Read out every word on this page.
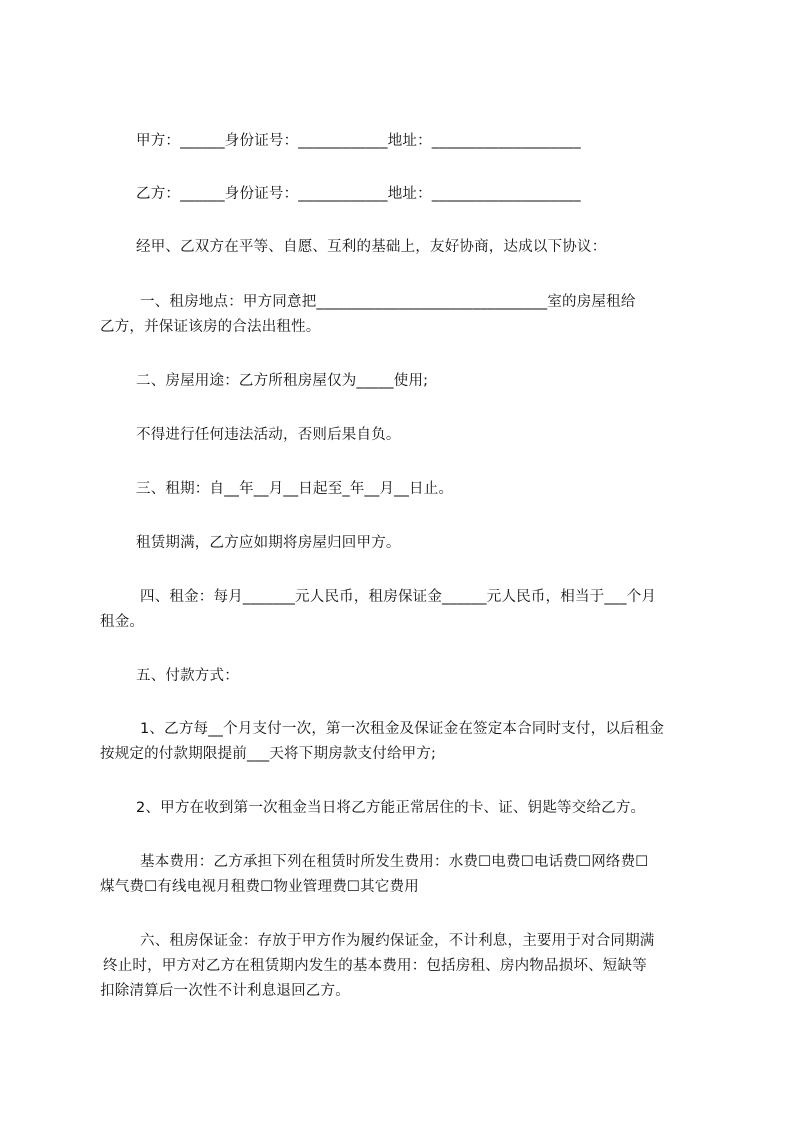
甲方：______身份证号：____________地址：____________________
乙方：______身份证号：____________地址：____________________
经甲、乙双方在平等、自愿、互利的基础上，友好协商，达成以下协议：
一、租房地点：甲方同意把_______________________________室的房屋租给
乙方，并保证该房的合法出租性。
二、房屋用途：乙方所租房屋仅为_____使用;
不得进行任何违法活动，否则后果自负。
三、租期：自__年__月__日起至_年__月__日止。
租赁期满，乙方应如期将房屋归回甲方。
四、租金：每月_______元人民币，租房保证金______元人民币，相当于___个月
租金。
五、付款方式：
1、乙方每__个月支付一次，第一次租金及保证金在签定本合同时支付，以后租金
按规定的付款期限提前___天将下期房款支付给甲方;
2、甲方在收到第一次租金当日将乙方能正常居住的卡、证、钥匙等交给乙方。
基本费用：乙方承担下列在租赁时所发生费用：水费☐电费☐电话费☐网络费☐
煤气费☐有线电视月租费☐物业管理费☐其它费用
六、租房保证金：存放于甲方作为履约保证金，不计利息，主要用于对合同期满
终止时，甲方对乙方在租赁期内发生的基本费用：包括房租、房内物品损坏、短缺等
扣除清算后一次性不计利息退回乙方。
